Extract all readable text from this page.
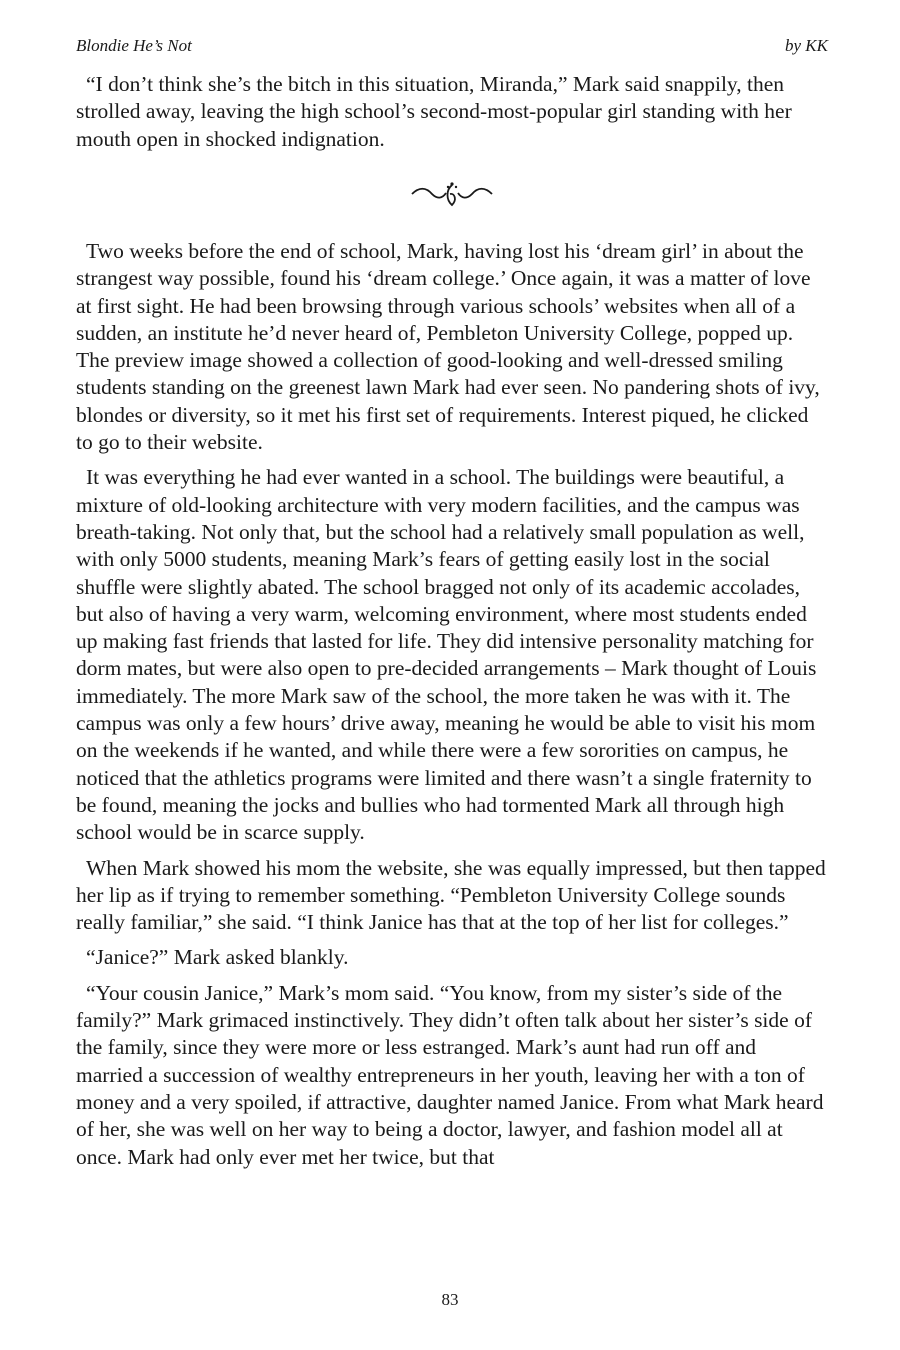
Blondie He’s Not	by KK

“I don’t think she’s the bitch in this situation, Miranda,” Mark said snappily, then strolled away, leaving the high school’s second-most-popular girl standing with her mouth open in shocked indignation.

Two weeks before the end of school, Mark, having lost his ‘dream girl’ in about the strangest way possible, found his ‘dream college.’ Once again, it was a matter of love at first sight. He had been browsing through various schools’ websites when all of a sudden, an institute he’d never heard of, Pembleton University College, popped up. The preview image showed a collection of good-looking and well-dressed smiling students standing on the greenest lawn Mark had ever seen. No pandering shots of ivy, blondes or diversity, so it met his first set of requirements. Interest piqued, he clicked to go to their website.

It was everything he had ever wanted in a school. The buildings were beautiful, a mixture of old-looking architecture with very modern facilities, and the campus was breath-taking. Not only that, but the school had a relatively small population as well, with only 5000 students, meaning Mark’s fears of getting easily lost in the social shuffle were slightly abated. The school bragged not only of its academic accolades, but also of having a very warm, welcoming environment, where most students ended up making fast friends that lasted for life. They did intensive personality matching for dorm mates, but were also open to pre-decided arrangements – Mark thought of Louis immediately. The more Mark saw of the school, the more taken he was with it. The campus was only a few hours’ drive away, meaning he would be able to visit his mom on the weekends if he wanted, and while there were a few sororities on campus, he noticed that the athletics programs were limited and there wasn’t a single fraternity to be found, meaning the jocks and bullies who had tormented Mark all through high school would be in scarce supply.

When Mark showed his mom the website, she was equally impressed, but then tapped her lip as if trying to remember something. “Pembleton University College sounds really familiar,” she said. “I think Janice has that at the top of her list for colleges.”

“Janice?” Mark asked blankly.

“Your cousin Janice,” Mark’s mom said. “You know, from my sister’s side of the family?” Mark grimaced instinctively. They didn’t often talk about her sister’s side of the family, since they were more or less estranged. Mark’s aunt had run off and married a succession of wealthy entrepreneurs in her youth, leaving her with a ton of money and a very spoiled, if attractive, daughter named Janice. From what Mark heard of her, she was well on her way to being a doctor, lawyer, and fashion model all at once. Mark had only ever met her twice, but that

83
